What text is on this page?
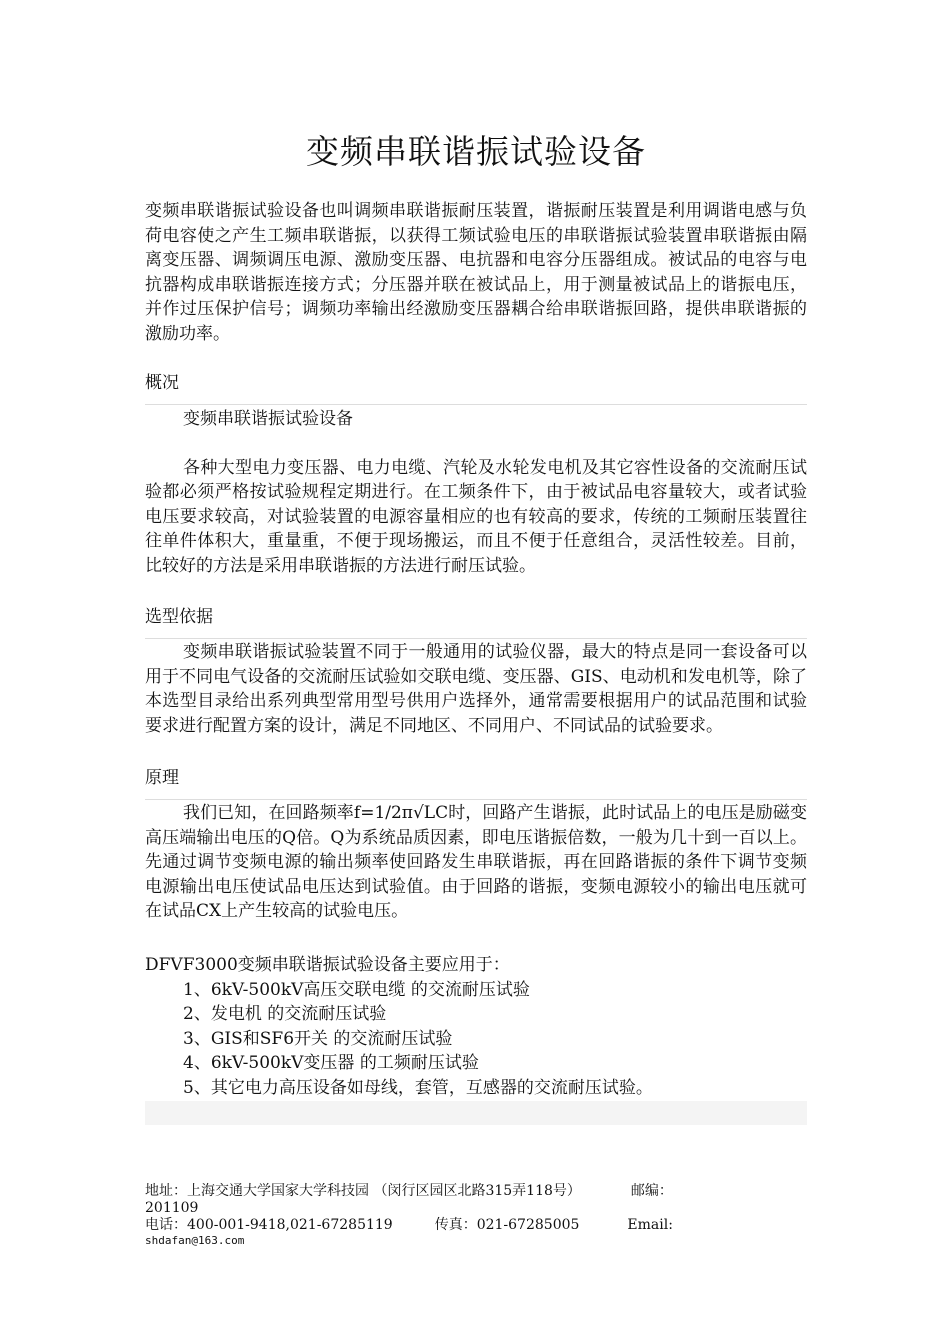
变频串联谐振试验设备

变频串联谐振试验设备也叫调频串联谐振耐压装置，谐振耐压装置是利用调谐电感与负荷电容使之产生工频串联谐振，以获得工频试验电压的串联谐振试验装置串联谐振由隔离变压器、调频调压电源、激励变压器、电抗器和电容分压器组成。被试品的电容与电抗器构成串联谐振连接方式；分压器并联在被试品上，用于测量被试品上的谐振电压，并作过压保护信号；调频功率输出经激励变压器耦合给串联谐振回路，提供串联谐振的激励功率。

概况

变频串联谐振试验设备

各种大型电力变压器、电力电缆、汽轮及水轮发电机及其它容性设备的交流耐压试验都必须严格按试验规程定期进行。在工频条件下，由于被试品电容量较大，或者试验电压要求较高，对试验装置的电源容量相应的也有较高的要求，传统的工频耐压装置往往单件体积大，重量重，不便于现场搬运，而且不便于任意组合，灵活性较差。目前，比较好的方法是采用串联谐振的方法进行耐压试验。

选型依据

变频串联谐振试验装置不同于一般通用的试验仪器，最大的特点是同一套设备可以用于不同电气设备的交流耐压试验如交联电缆、变压器、GIS、电动机和发电机等，除了本选型目录给出系列典型常用型号供用户选择外，通常需要根据用户的试品范围和试验要求进行配置方案的设计，满足不同地区、不同用户、不同试品的试验要求。

原理

我们已知，在回路频率f=1/2π√LC时，回路产生谐振，此时试品上的电压是励磁变高压端输出电压的Q倍。Q为系统品质因素，即电压谐振倍数，一般为几十到一百以上。先通过调节变频电源的输出频率使回路发生串联谐振，再在回路谐振的条件下调节变频电源输出电压使试品电压达到试验值。由于回路的谐振，变频电源较小的输出电压就可在试品CX上产生较高的试验电压。

DFVF3000变频串联谐振试验设备主要应用于：

1、6kV-500kV高压交联电缆 的交流耐压试验
2、发电机 的交流耐压试验
3、GIS和SF6开关 的交流耐压试验
4、6kV-500kV变压器 的工频耐压试验
5、其它电力高压设备如母线，套管，互感器的交流耐压试验。
地址：上海交通大学国家大学科技园 （闵行区园区北路315弄118号）	邮编：
201109
电话：400-001-9418,021-67285119	传真：021-67285005	Email:
shdafan@163.com
